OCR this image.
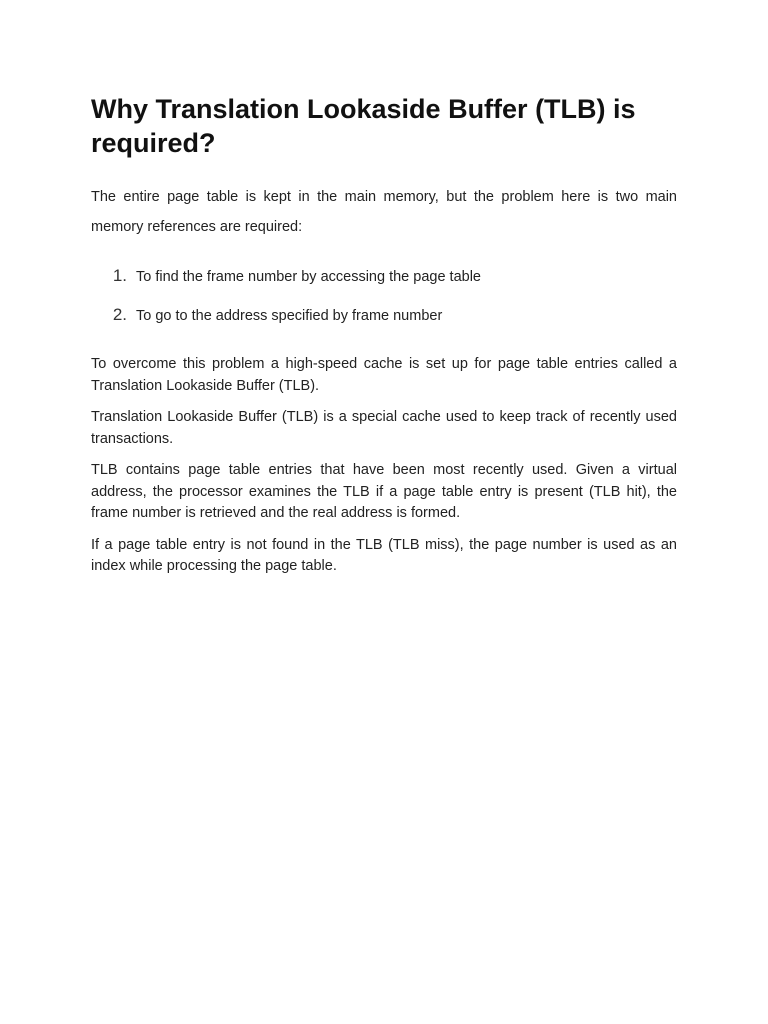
Why Translation Lookaside Buffer (TLB) is required?

The entire page table is kept in the main memory, but the problem here is two main memory references are required:

1. To find the frame number by accessing the page table
2. To go to the address specified by frame number

To overcome this problem a high-speed cache is set up for page table entries called a Translation Lookaside Buffer (TLB).

Translation Lookaside Buffer (TLB) is a special cache used to keep track of recently used transactions.

TLB contains page table entries that have been most recently used. Given a virtual address, the processor examines the TLB if a page table entry is present (TLB hit), the frame number is retrieved and the real address is formed.

If a page table entry is not found in the TLB (TLB miss), the page number is used as an index while processing the page table.
